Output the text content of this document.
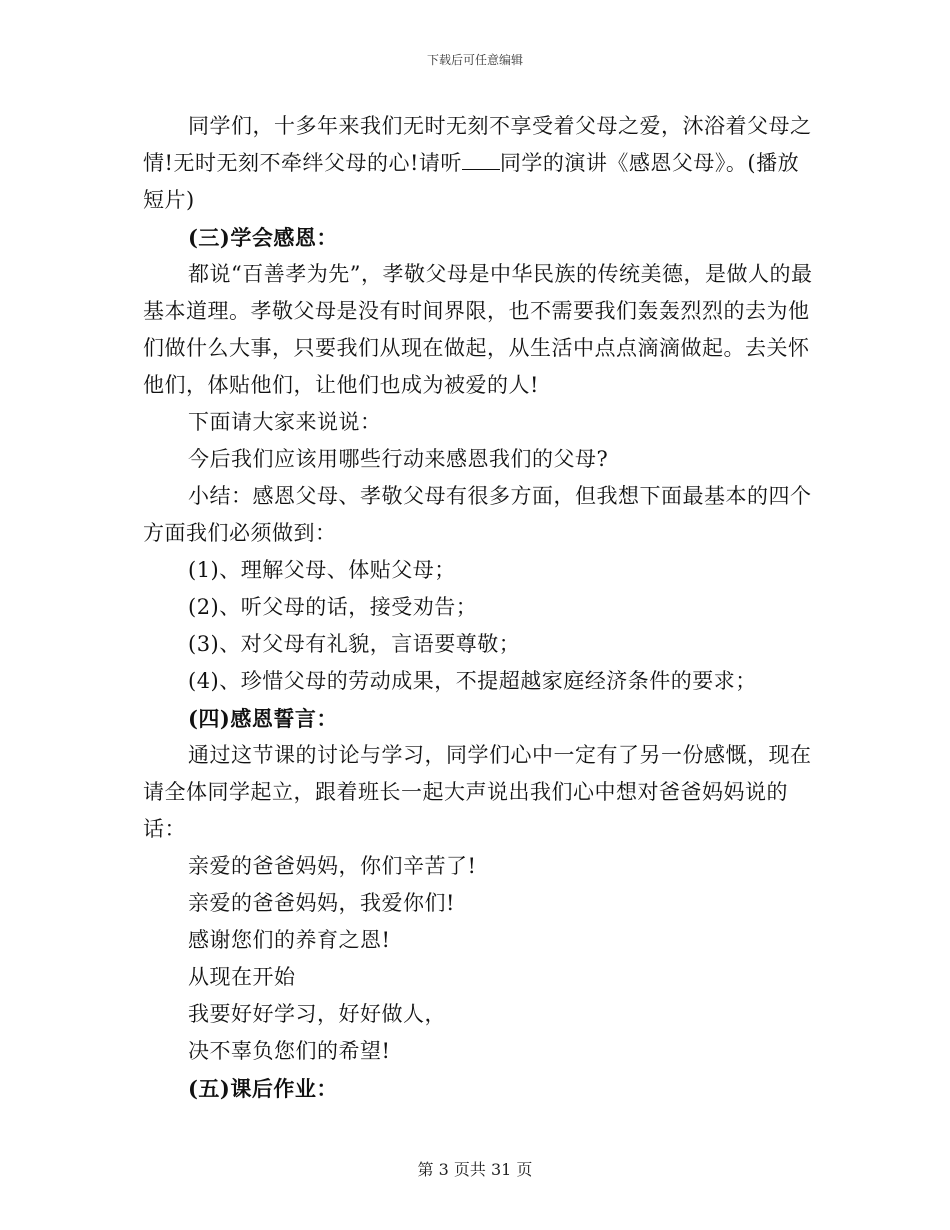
下载后可任意编辑

同学们，十多年来我们无时无刻不享受着父母之爱，沐浴着父母之情!无时无刻不牵绊父母的心!请听 同学的演讲《感恩父母》。(播放短片)

(三)学会感恩：

都说“百善孝为先”，孝敬父母是中华民族的传统美德，是做人的最基本道理。孝敬父母是没有时间界限，也不需要我们轰轰烈烈的去为他们做什么大事，只要我们从现在做起，从生活中点点滴滴做起。去关怀他们，体贴他们，让他们也成为被爱的人!

下面请大家来说说：

今后我们应该用哪些行动来感恩我们的父母?

小结：感恩父母、孝敬父母有很多方面，但我想下面最基本的四个方面我们必须做到：

(1)、理解父母、体贴父母；

(2)、听父母的话，接受劝告；

(3)、对父母有礼貌，言语要尊敬；

(4)、珍惜父母的劳动成果，不提超越家庭经济条件的要求；

(四)感恩誓言：

通过这节课的讨论与学习，同学们心中一定有了另一份感慨，现在请全体同学起立，跟着班长一起大声说出我们心中想对爸爸妈妈说的话：

亲爱的爸爸妈妈，你们辛苦了!

亲爱的爸爸妈妈，我爱你们!

感谢您们的养育之恩!

从现在开始

我要好好学习，好好做人，

决不辜负您们的希望!

(五)课后作业：

第 3 页共 31 页
